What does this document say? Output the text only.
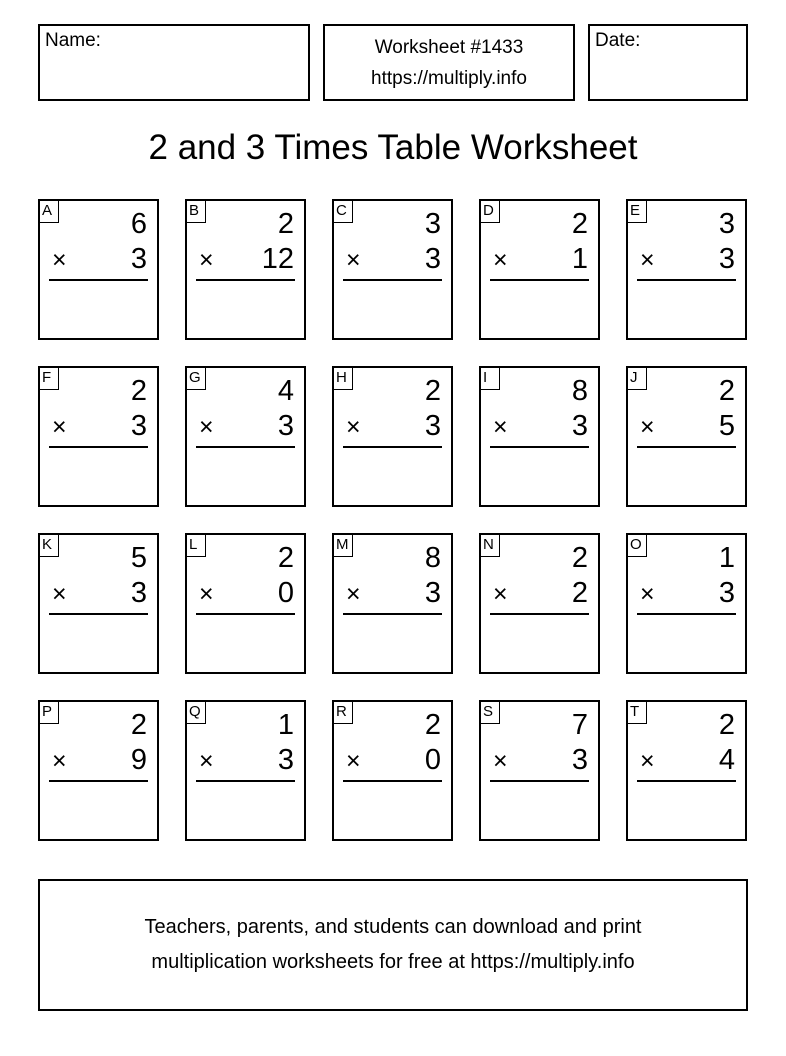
Name:	Worksheet #1433
https://multiply.info
Date:
2 and 3 Times Table Worksheet
A	6
× 3
B	2
× 12
C	3
× 3
D	2
× 1
E	3
× 3
F	2
× 3
G	4
× 3
H	2
× 3
I	8
× 3
J	2
× 5
K	5
× 3
L	2
× 0
M	8
× 3
N	2
× 2
O	1
× 3
P	2
× 9
Q	1
× 3
R	2
× 0
S	7
× 3
T	2
× 4
Teachers, parents, and students can download and print
multiplication worksheets for free at https://multiply.info
